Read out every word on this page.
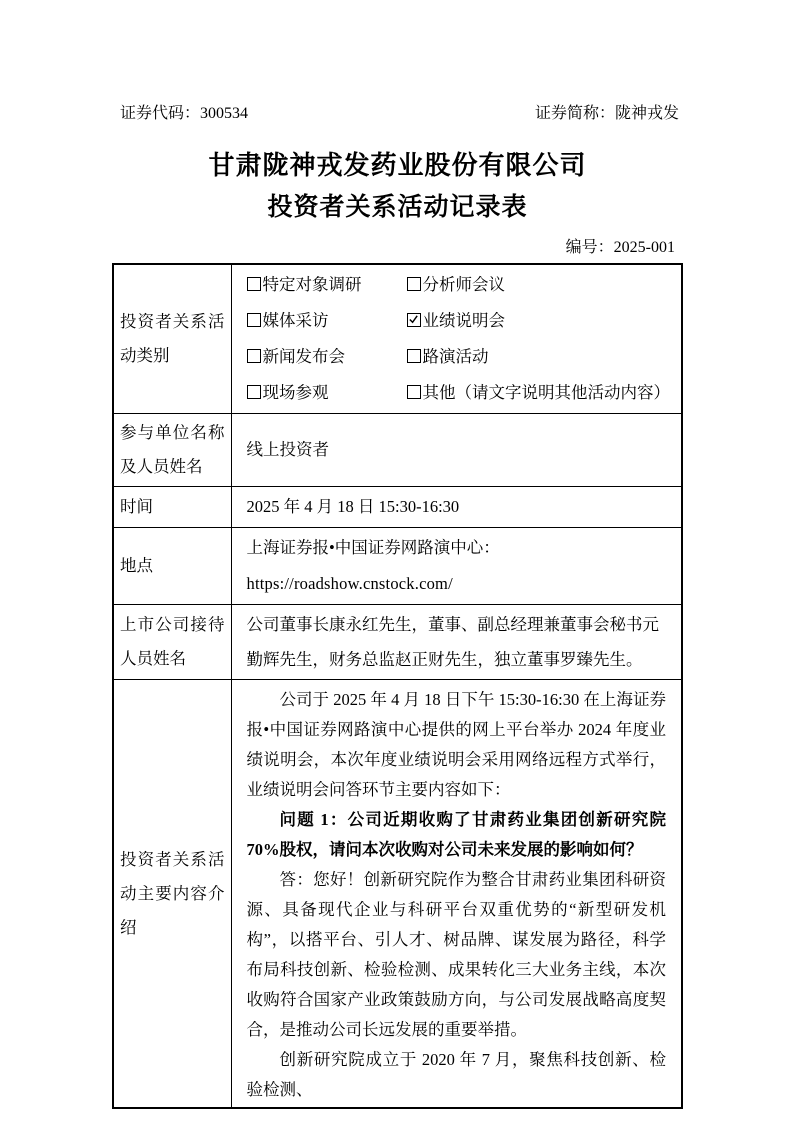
证券代码：300534	证券简称：陇神戎发
甘肃陇神戎发药业股份有限公司
投资者关系活动记录表
编号：2025-001
投资者关系活动类别	
特定对象调研	分析师会议
媒体采访	业绩说明会
新闻发布会	路演活动
现场参观	其他（请文字说明其他活动内容）

参与单位名称及人员姓名	线上投资者
时间	2025 年 4 月 18 日 15:30-16:30
地点	上海证券报•中国证券网路演中心：

https://roadshow.cnstock.com/

上市公司接待人员姓名	公司董事长康永红先生，董事、副总经理兼董事会秘书元勤辉先生，财务总监赵正财先生，独立董事罗臻先生。
投资者关系活动主要内容介绍	公司于 2025 年 4 月 18 日下午 15:30-16:30 在上海证券报•中国证券网路演中心提供的网上平台举办 2024 年度业绩说明会，本次年度业绩说明会采用网络远程方式举行，业绩说明会问答环节主要内容如下：

问题 1：公司近期收购了甘肃药业集团创新研究院 70%股权，请问本次收购对公司未来发展的影响如何？

答：您好！创新研究院作为整合甘肃药业集团科研资源、具备现代企业与科研平台双重优势的“新型研发机构”，以搭平台、引人才、树品牌、谋发展为路径，科学布局科技创新、检验检测、成果转化三大业务主线，本次收购符合国家产业政策鼓励方向，与公司发展战略高度契合，是推动公司长远发展的重要举措。

创新研究院成立于 2020 年 7 月，聚焦科技创新、检验检测、
